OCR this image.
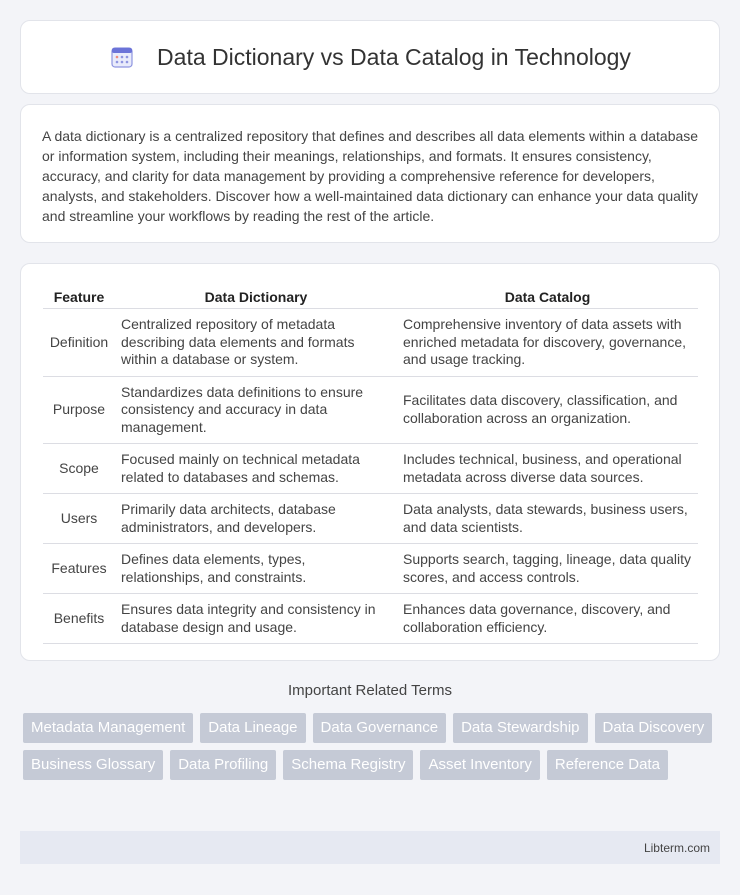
Data Dictionary vs Data Catalog in Technology

A data dictionary is a centralized repository that defines and describes all data elements within a database or information system, including their meanings, relationships, and formats. It ensures consistency, accuracy, and clarity for data management by providing a comprehensive reference for developers, analysts, and stakeholders. Discover how a well-maintained data dictionary can enhance your data quality and streamline your workflows by reading the rest of the article.

Feature	Data Dictionary	Data Catalog
Definition	Centralized repository of metadata describing data elements and formats within a database or system.	Comprehensive inventory of data assets with enriched metadata for discovery, governance, and usage tracking.
Purpose	Standardizes data definitions to ensure consistency and accuracy in data management.	Facilitates data discovery, classification, and collaboration across an organization.
Scope	Focused mainly on technical metadata related to databases and schemas.	Includes technical, business, and operational metadata across diverse data sources.
Users	Primarily data architects, database administrators, and developers.	Data analysts, data stewards, business users, and data scientists.
Features	Defines data elements, types, relationships, and constraints.	Supports search, tagging, lineage, data quality scores, and access controls.
Benefits	Ensures data integrity and consistency in database design and usage.	Enhances data governance, discovery, and collaboration efficiency.
Important Related Terms
Metadata Management	Data Lineage	Data Governance	Data Stewardship	Data Discovery
Business Glossary	Data Profiling	Schema Registry	Asset Inventory	Reference Data
Libterm.com
